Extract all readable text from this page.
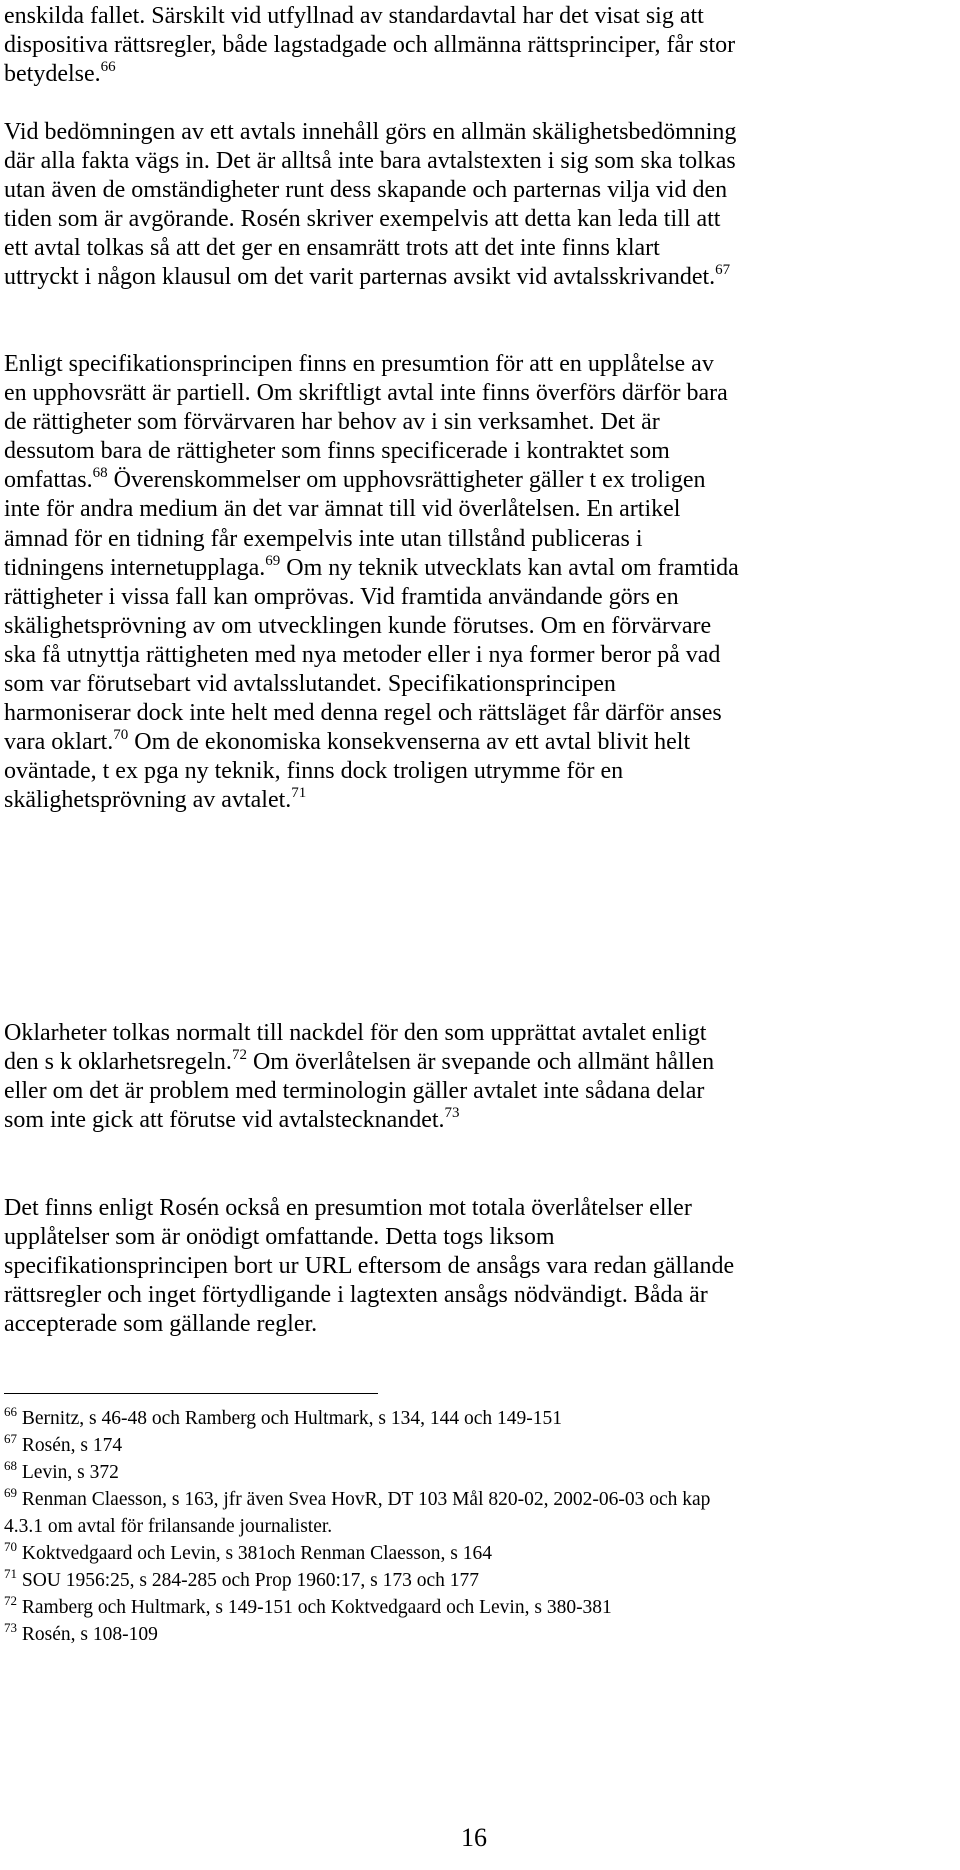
enskilda fallet. Särskilt vid utfyllnad av standardavtal har det visat sig att
dispositiva rättsregler, både lagstadgade och allmänna rättsprinciper, får stor
betydelse.$^{66}$

Vid bedömningen av ett avtals innehåll görs en allmän skälighetsbedömning
där alla fakta vägs in. Det är alltså inte bara avtalstexten i sig som ska tolkas
utan även de omständigheter runt dess skapande och parternas vilja vid den
tiden som är avgörande. Rosén skriver exempelvis att detta kan leda till att
ett avtal tolkas så att det ger en ensamrätt trots att det inte finns klart
uttryckt i någon klausul om det varit parternas avsikt vid avtalsskrivandet.$^{67}$

Enligt specifikationsprincipen finns en presumtion för att en upplåtelse av
en upphovsrätt är partiell. Om skriftligt avtal inte finns överförs därför bara
de rättigheter som förvärvaren har behov av i sin verksamhet. Det är
dessutom bara de rättigheter som finns specificerade i kontraktet som
omfattas.$^{68}$ Överenskommelser om upphovsrättigheter gäller t ex troligen
inte för andra medium än det var ämnat till vid överlåtelsen. En artikel
ämnad för en tidning får exempelvis inte utan tillstånd publiceras i
tidningens internetupplaga.$^{69}$ Om ny teknik utvecklats kan avtal om framtida
rättigheter i vissa fall kan omprövas. Vid framtida användande görs en
skälighetsprövning av om utvecklingen kunde förutses. Om en förvärvare
ska få utnyttja rättigheten med nya metoder eller i nya former beror på vad
som var förutsebart vid avtalsslutandet. Specifikationsprincipen
harmoniserar dock inte helt med denna regel och rättsläget får därför anses
vara oklart.$^{70}$ Om de ekonomiska konsekvenserna av ett avtal blivit helt
oväntade, t ex pga ny teknik, finns dock troligen utrymme för en
skälighetsprövning av avtalet.$^{71}$

Oklarheter tolkas normalt till nackdel för den som upprättat avtalet enligt
den s k oklarhetsregeln.$^{72}$ Om överlåtelsen är svepande och allmänt hållen
eller om det är problem med terminologin gäller avtalet inte sådana delar
som inte gick att förutse vid avtalstecknandet.$^{73}$

Det finns enligt Rosén också en presumtion mot totala överlåtelser eller
upplåtelser som är onödigt omfattande. Detta togs liksom
specifikationsprincipen bort ur URL eftersom de ansågs vara redan gällande
rättsregler och inget förtydligande i lagtexten ansågs nödvändigt. Båda är
accepterade som gällande regler.

$^{66}$ Bernitz, s 46-48 och Ramberg och Hultmark, s 134, 144 och 149-151

$^{67}$ Rosén, s 174

$^{68}$ Levin, s 372

$^{69}$ Renman Claesson, s 163, jfr även Svea HovR, DT 103 Mål 820-02, 2002-06-03 och kap
4.3.1 om avtal för frilansande journalister.

$^{70}$ Koktvedgaard och Levin, s 381och Renman Claesson, s 164

$^{71}$ SOU 1956:25, s 284-285 och Prop 1960:17, s 173 och 177

$^{72}$ Ramberg och Hultmark, s 149-151 och Koktvedgaard och Levin, s 380-381

$^{73}$ Rosén, s 108-109

16
